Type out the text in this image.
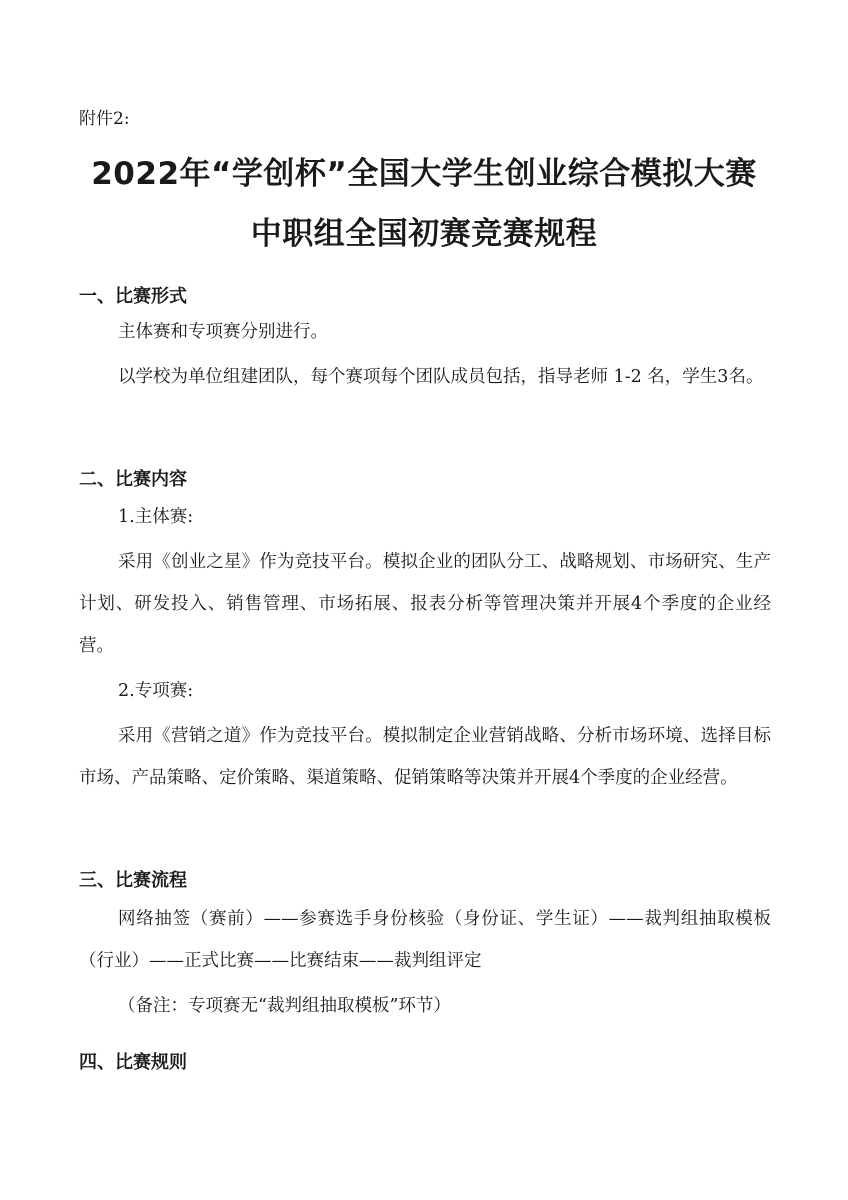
附件2:
2022年“学创杯”全国大学生创业综合模拟大赛
中职组全国初赛竞赛规程
一、比赛形式
主体赛和专项赛分别进行。
以学校为单位组建团队，每个赛项每个团队成员包括，指导老师 1-2 名，学生3名。
二、比赛内容
1.主体赛:
采用《创业之星》作为竞技平台。模拟企业的团队分工、战略规划、市场研究、生产计划、研发投入、销售管理、市场拓展、报表分析等管理决策并开展4个季度的企业经营。
2.专项赛:
采用《营销之道》作为竞技平台。模拟制定企业营销战略、分析市场环境、选择目标市场、产品策略、定价策略、渠道策略、促销策略等决策并开展4个季度的企业经营。
三、比赛流程
网络抽签（赛前）——参赛选手身份核验（身份证、学生证）——裁判组抽取模板（行业）——正式比赛——比赛结束——裁判组评定
（备注：专项赛无“裁判组抽取模板”环节）
四、比赛规则
